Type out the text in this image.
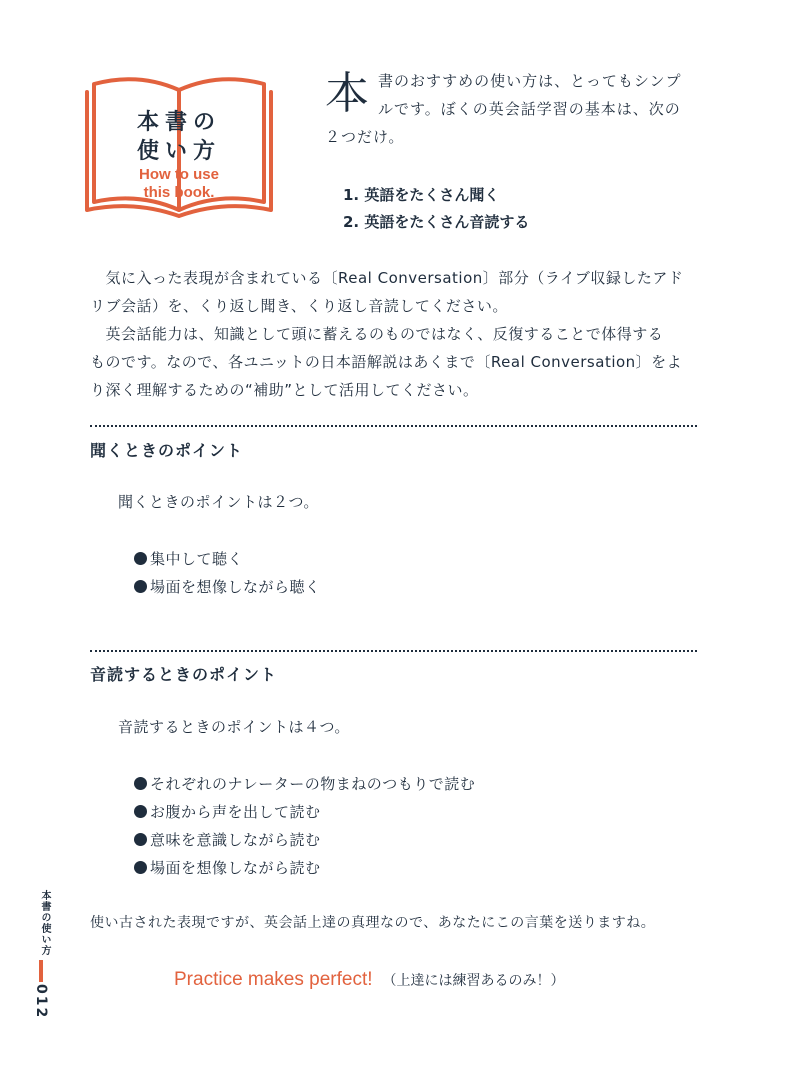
本書の
使い方
How to use
this book.
本 書のおすすめの使い方は、とってもシンプ
ルです。ぼくの英会話学習の基本は、次の
２つだけ。
1. 英語をたくさん聞く
2. 英語をたくさん音読する
　気に入った表現が含まれている〔Real Conversation〕部分（ライブ収録したアド
リブ会話）を、くり返し聞き、くり返し音読してください。
　英会話能力は、知識として頭に蓄えるのものではなく、反復することで体得する
ものです。なので、各ユニットの日本語解説はあくまで〔Real Conversation〕をよ
り深く理解するための“補助”として活用してください。
聞くときのポイント
聞くときのポイントは２つ。
集中して聴く
場面を想像しながら聴く
音読するときのポイント
音読するときのポイントは４つ。
それぞれのナレーターの物まねのつもりで読む
お腹から声を出して読む
意味を意識しながら読む
場面を想像しながら読む
使い古された表現ですが、英会話上達の真理なので、あなたにこの言葉を送りますね。
Practice makes perfect! （上達には練習あるのみ！）
本書の使い方
012
